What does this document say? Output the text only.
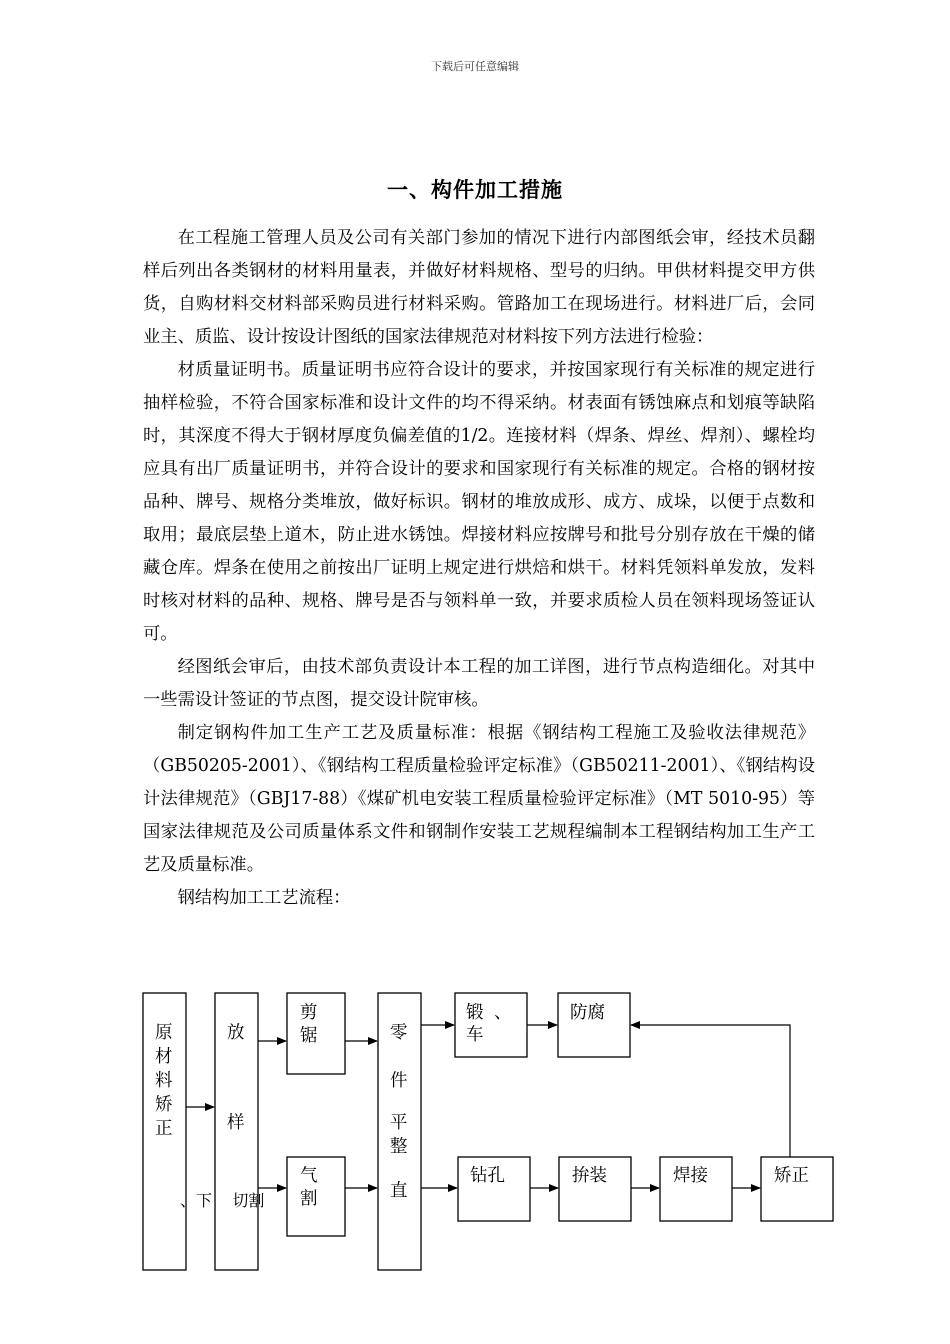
下载后可任意编辑
一、构件加工措施

在工程施工管理人员及公司有关部门参加的情况下进行内部图纸会审，经技术员翻样后列出各类钢材的材料用量表，并做好材料规格、型号的归纳。甲供材料提交甲方供货，自购材料交材料部采购员进行材料采购。管路加工在现场进行。材料进厂后，会同业主、质监、设计按设计图纸的国家法律规范对材料按下列方法进行检验：

材质量证明书。质量证明书应符合设计的要求，并按国家现行有关标准的规定进行抽样检验，不符合国家标准和设计文件的均不得采纳。材表面有锈蚀麻点和划痕等缺陷时，其深度不得大于钢材厚度负偏差值的1/2。连接材料（焊条、焊丝、焊剂）、螺栓均应具有出厂质量证明书，并符合设计的要求和国家现行有关标准的规定。合格的钢材按品种、牌号、规格分类堆放，做好标识。钢材的堆放成形、成方、成垛，以便于点数和取用；最底层垫上道木，防止进水锈蚀。焊接材料应按牌号和批号分别存放在干燥的储藏仓库。焊条在使用之前按出厂证明上规定进行烘焙和烘干。材料凭领料单发放，发料时核对材料的品种、规格、牌号是否与领料单一致，并要求质检人员在领料现场签证认可。

经图纸会审后，由技术部负责设计本工程的加工详图，进行节点构造细化。对其中一些需设计签证的节点图，提交设计院审核。

制定钢构件加工生产工艺及质量标准：根据《钢结构工程施工及验收法律规范》（GB50205-2001）、《钢结构工程质量检验评定标准》（GB50211-2001）、《钢结构设计法律规范》（GBJ17-88）《煤矿机电安装工程质量检验评定标准》（MT 5010-95）等国家法律规范及公司质量体系文件和钢制作安装工艺规程编制本工程钢结构加工生产工艺及质量标准。

钢结构加工工艺流程：

原
材
料
矫
正
放
样
剪
锯
气
割
零
件
平
整
直
锻 、
车
防腐
钻孔	拚装	焊接	矫正
、下    切割
